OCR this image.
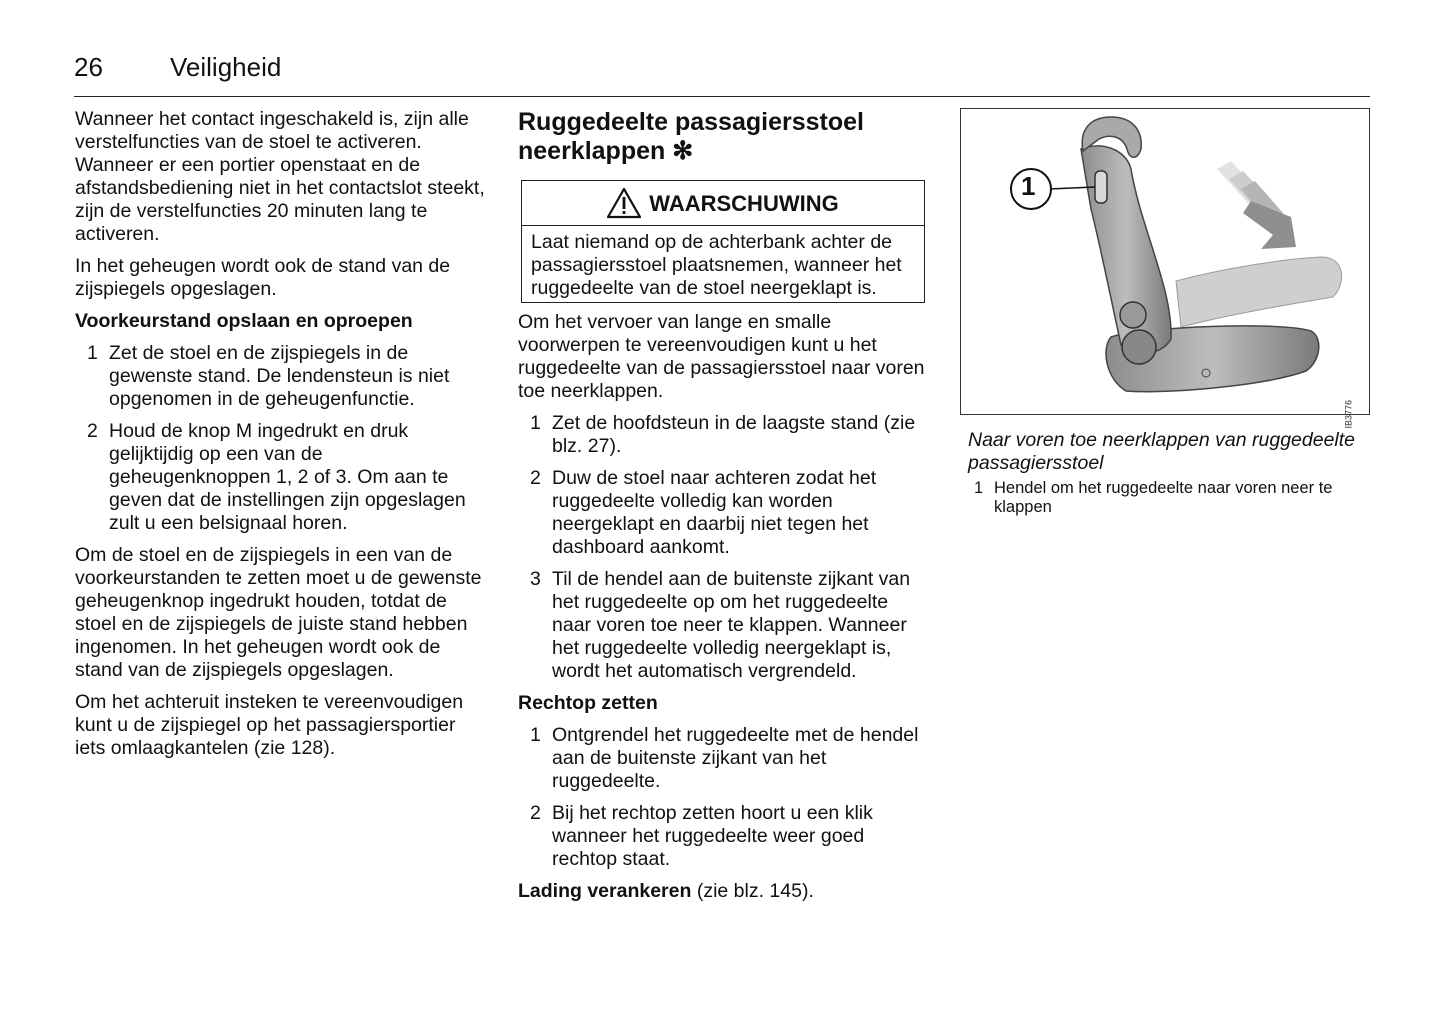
26	Veiligheid

Wanneer het contact ingeschakeld is, zijn alle verstelfuncties van de stoel te activeren. Wanneer er een portier openstaat en de afstandsbediening niet in het contactslot steekt, zijn de verstelfuncties 20 minuten lang te activeren.

In het geheugen wordt ook de stand van de zijspiegels opgeslagen.

Voorkeurstand opslaan en oproepen

1 Zet de stoel en de zijspiegels in de gewenste stand. De lendensteun is niet opgenomen in de geheugenfunctie.
2 Houd de knop M ingedrukt en druk gelijktijdig op een van de geheugenknoppen 1, 2 of 3. Om aan te geven dat de instellingen zijn opgeslagen zult u een belsignaal horen.

Om de stoel en de zijspiegels in een van de voorkeurstanden te zetten moet u de gewenste geheugenknop ingedrukt houden, totdat de stoel en de zijspiegels de juiste stand hebben ingenomen. In het geheugen wordt ook de stand van de zijspiegels opgeslagen.

Om het achteruit insteken te vereenvoudigen kunt u de zijspiegel op het passagiersportier iets omlaagkantelen (zie 128).

Ruggedeelte passagiersstoel neerklappen ✻
WAARSCHUWING
Laat niemand op de achterbank achter de passagiersstoel plaatsnemen, wanneer het ruggedeelte van de stoel neergeklapt is.

Om het vervoer van lange en smalle voorwerpen te vereenvoudigen kunt u het ruggedeelte van de passagiersstoel naar voren toe neerklappen.

1 Zet de hoofdsteun in de laagste stand (zie blz. 27).
2 Duw de stoel naar achteren zodat het ruggedeelte volledig kan worden neergeklapt en daarbij niet tegen het dashboard aankomt.
3 Til de hendel aan de buitenste zijkant van het ruggedeelte op om het ruggedeelte naar voren toe neer te klappen. Wanneer het ruggedeelte volledig neergeklapt is, wordt het automatisch vergrendeld.

Rechtop zetten

1 Ontgrendel het ruggedeelte met de hendel aan de buitenste zijkant van het ruggedeelte.
2 Bij het rechtop zetten hoort u een klik wanneer het ruggedeelte weer goed rechtop staat.

Lading verankeren (zie blz. 145).

1
IB3776
Naar voren toe neerklappen van ruggedeelte passagiersstoel
1 Hendel om het ruggedeelte naar voren neer te klappen
